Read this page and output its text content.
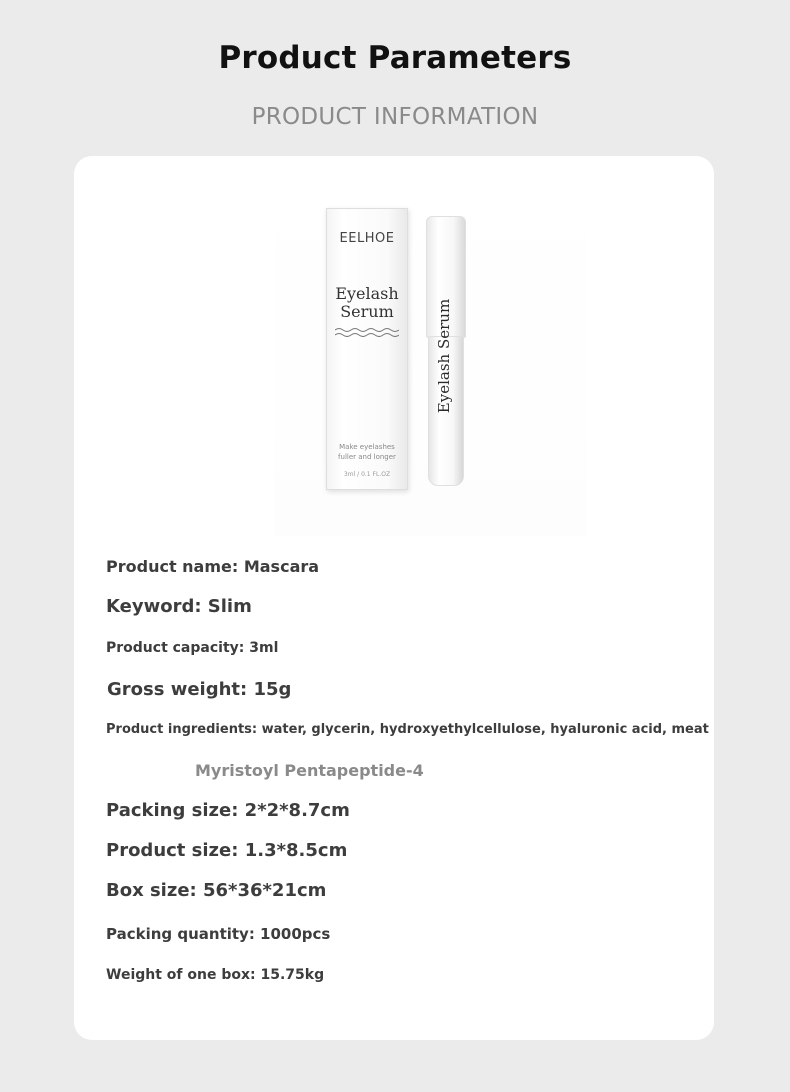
Product Parameters
PRODUCT INFORMATION
EELHOE
Eyelash
Serum
Make eyelashes
fuller and longer
3ml / 0.1 FL.OZ
Eyelash Serum
Product name: Mascara
Keyword: Slim
Product capacity: 3ml
Gross weight: 15g
Product ingredients: water, glycerin, hydroxyethylcellulose, hyaluronic acid, meat
Myristoyl Pentapeptide-4
Packing size: 2*2*8.7cm
Product size: 1.3*8.5cm
Box size: 56*36*21cm
Packing quantity: 1000pcs
Weight of one box: 15.75kg
